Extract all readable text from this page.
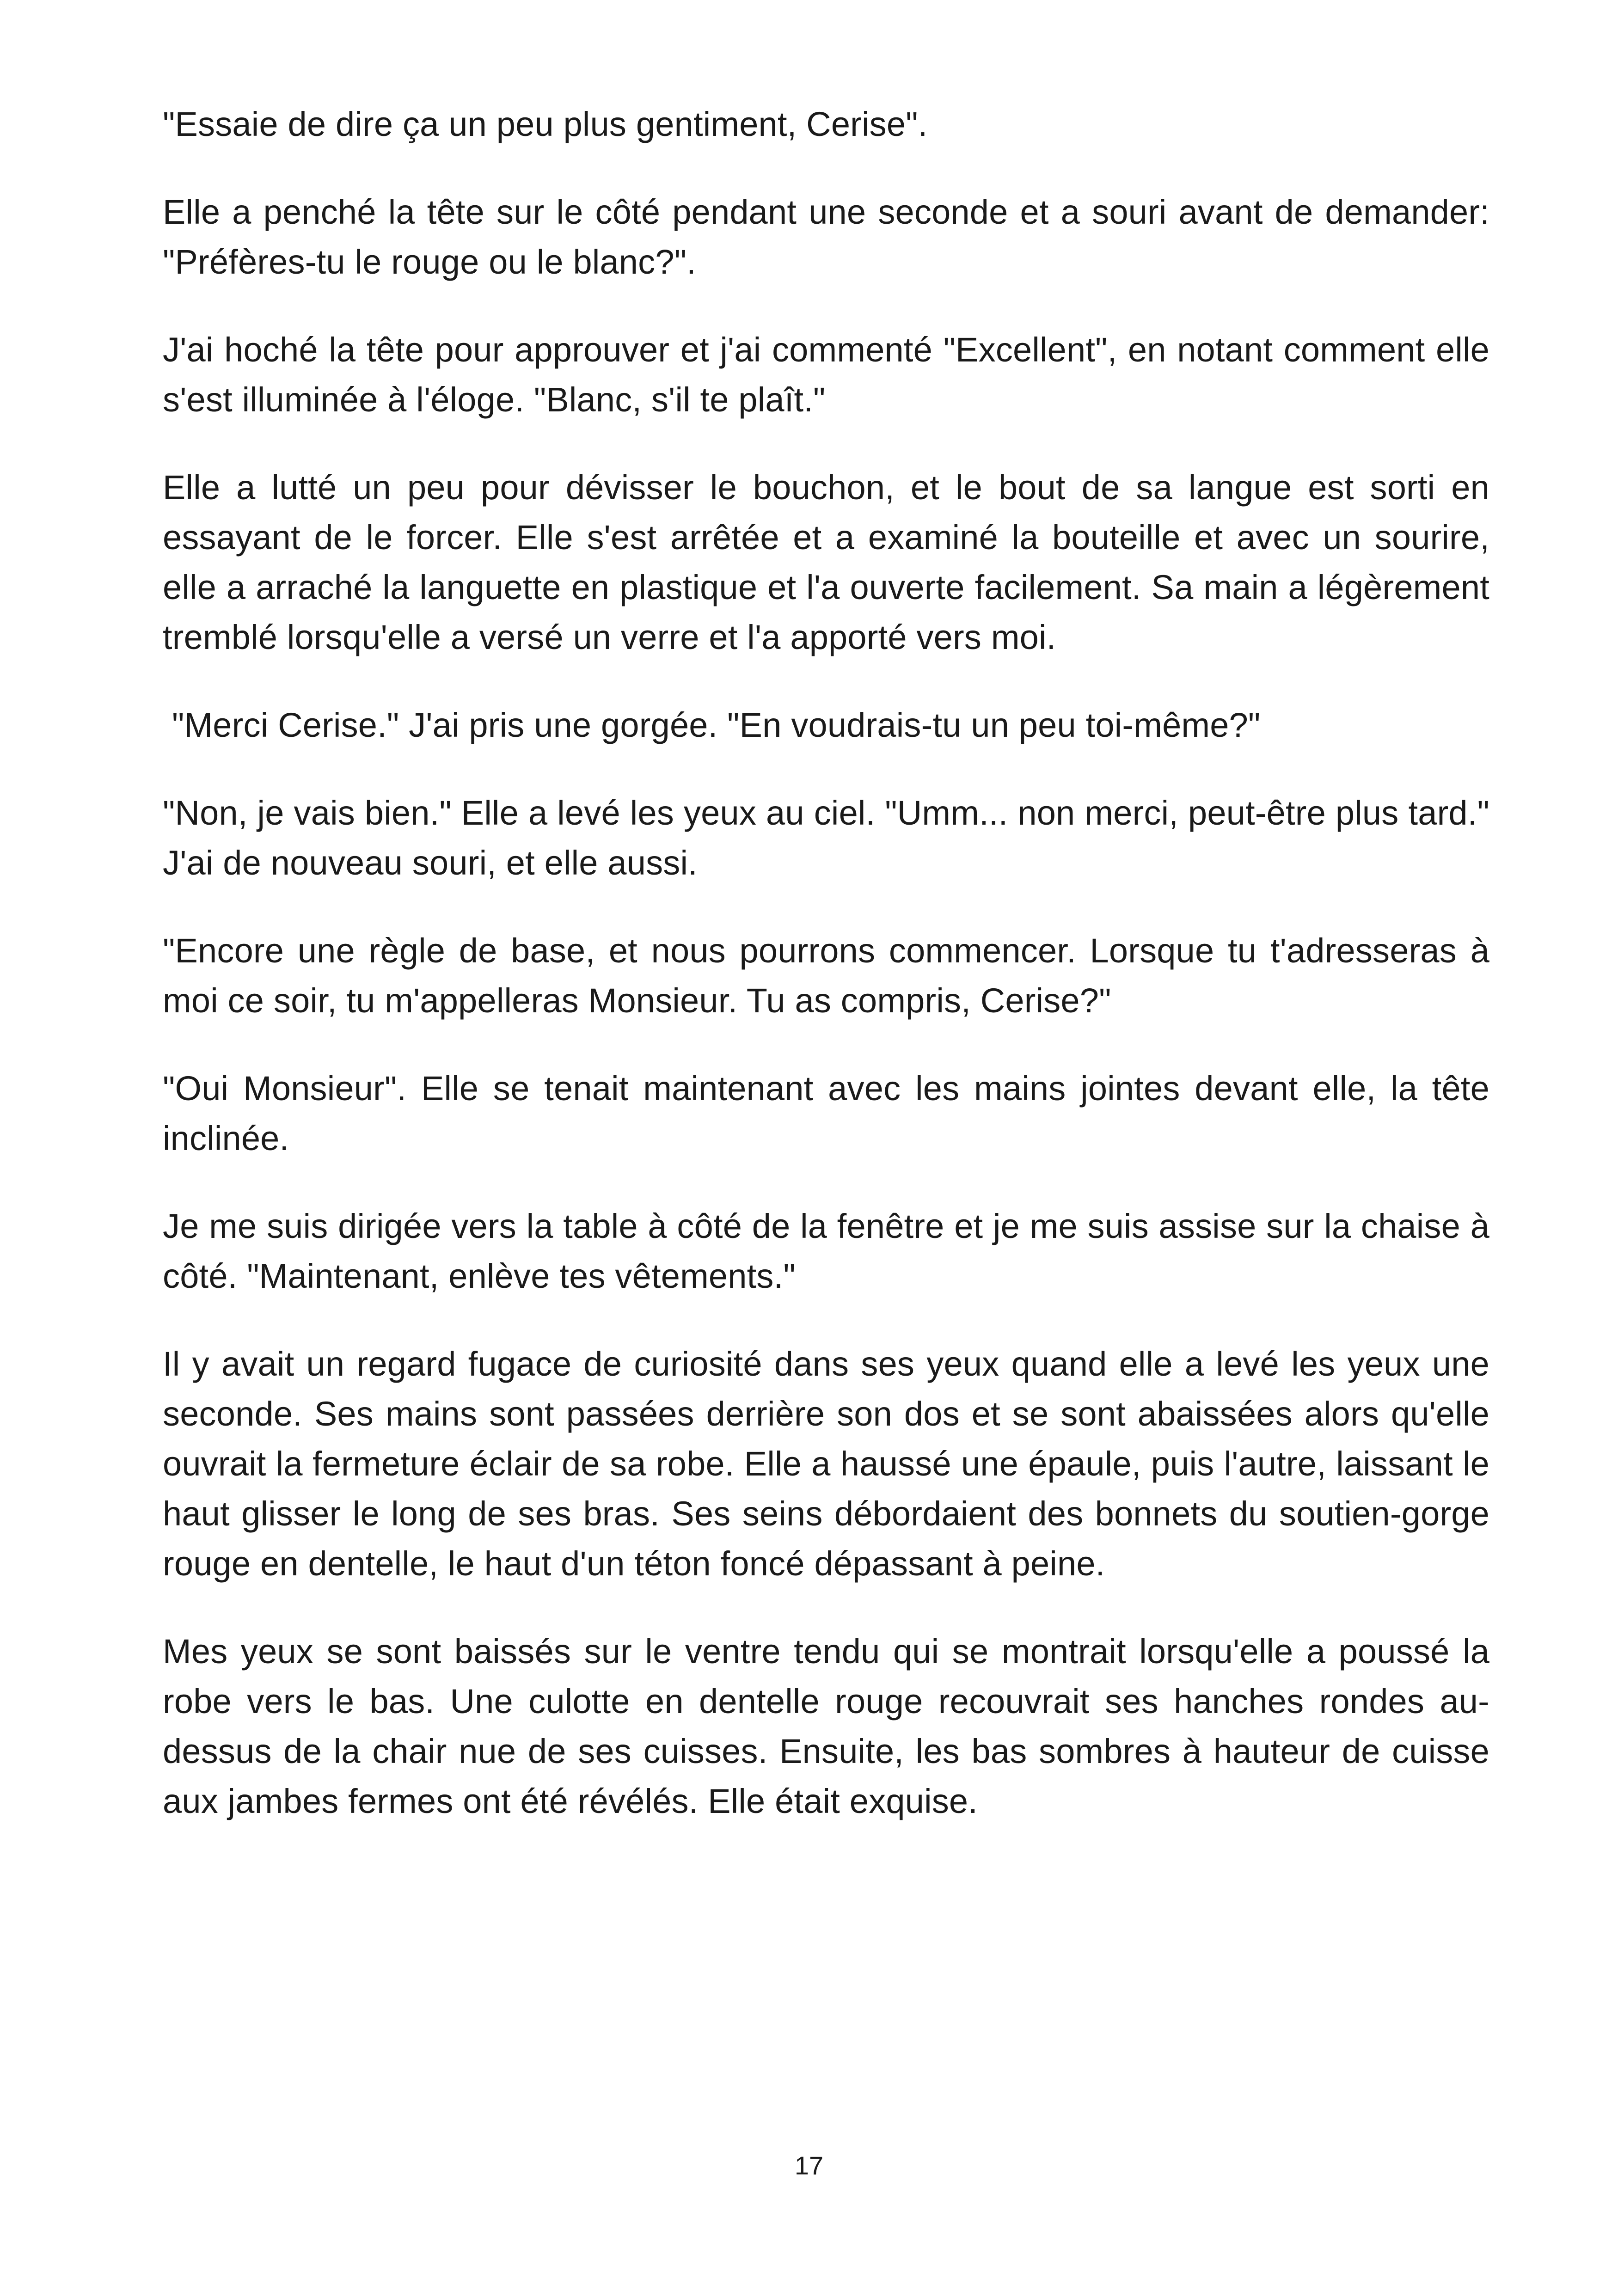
"Essaie de dire ça un peu plus gentiment, Cerise".

Elle a penché la tête sur le côté pendant une seconde et a souri avant de demander: "Préfères-tu le rouge ou le blanc?".

J'ai hoché la tête pour approuver et j'ai commenté "Excellent", en notant comment elle s'est illuminée à l'éloge. "Blanc, s'il te plaît."

Elle a lutté un peu pour dévisser le bouchon, et le bout de sa langue est sorti en essayant de le forcer. Elle s'est arrêtée et a examiné la bouteille et avec un sourire, elle a arraché la languette en plastique et l'a ouverte facilement. Sa main a légèrement tremblé lorsqu'elle a versé un verre et l'a apporté vers moi.

"Merci Cerise." J'ai pris une gorgée. "En voudrais-tu un peu toi-même?"

"Non, je vais bien." Elle a levé les yeux au ciel. "Umm... non merci, peut-être plus tard." J'ai de nouveau souri, et elle aussi.

"Encore une règle de base, et nous pourrons commencer. Lorsque tu t'adresseras à moi ce soir, tu m'appelleras Monsieur. Tu as compris, Cerise?"

"Oui Monsieur". Elle se tenait maintenant avec les mains jointes devant elle, la tête inclinée.

Je me suis dirigée vers la table à côté de la fenêtre et je me suis assise sur la chaise à côté. "Maintenant, enlève tes vêtements."

Il y avait un regard fugace de curiosité dans ses yeux quand elle a levé les yeux une seconde. Ses mains sont passées derrière son dos et se sont abaissées alors qu'elle ouvrait la fermeture éclair de sa robe. Elle a haussé une épaule, puis l'autre, laissant le haut glisser le long de ses bras. Ses seins débordaient des bonnets du soutien-gorge rouge en dentelle, le haut d'un téton foncé dépassant à peine.

Mes yeux se sont baissés sur le ventre tendu qui se montrait lorsqu'elle a poussé la robe vers le bas. Une culotte en dentelle rouge recouvrait ses hanches rondes au-dessus de la chair nue de ses cuisses. Ensuite, les bas sombres à hauteur de cuisse aux jambes fermes ont été révélés. Elle était exquise.

17
